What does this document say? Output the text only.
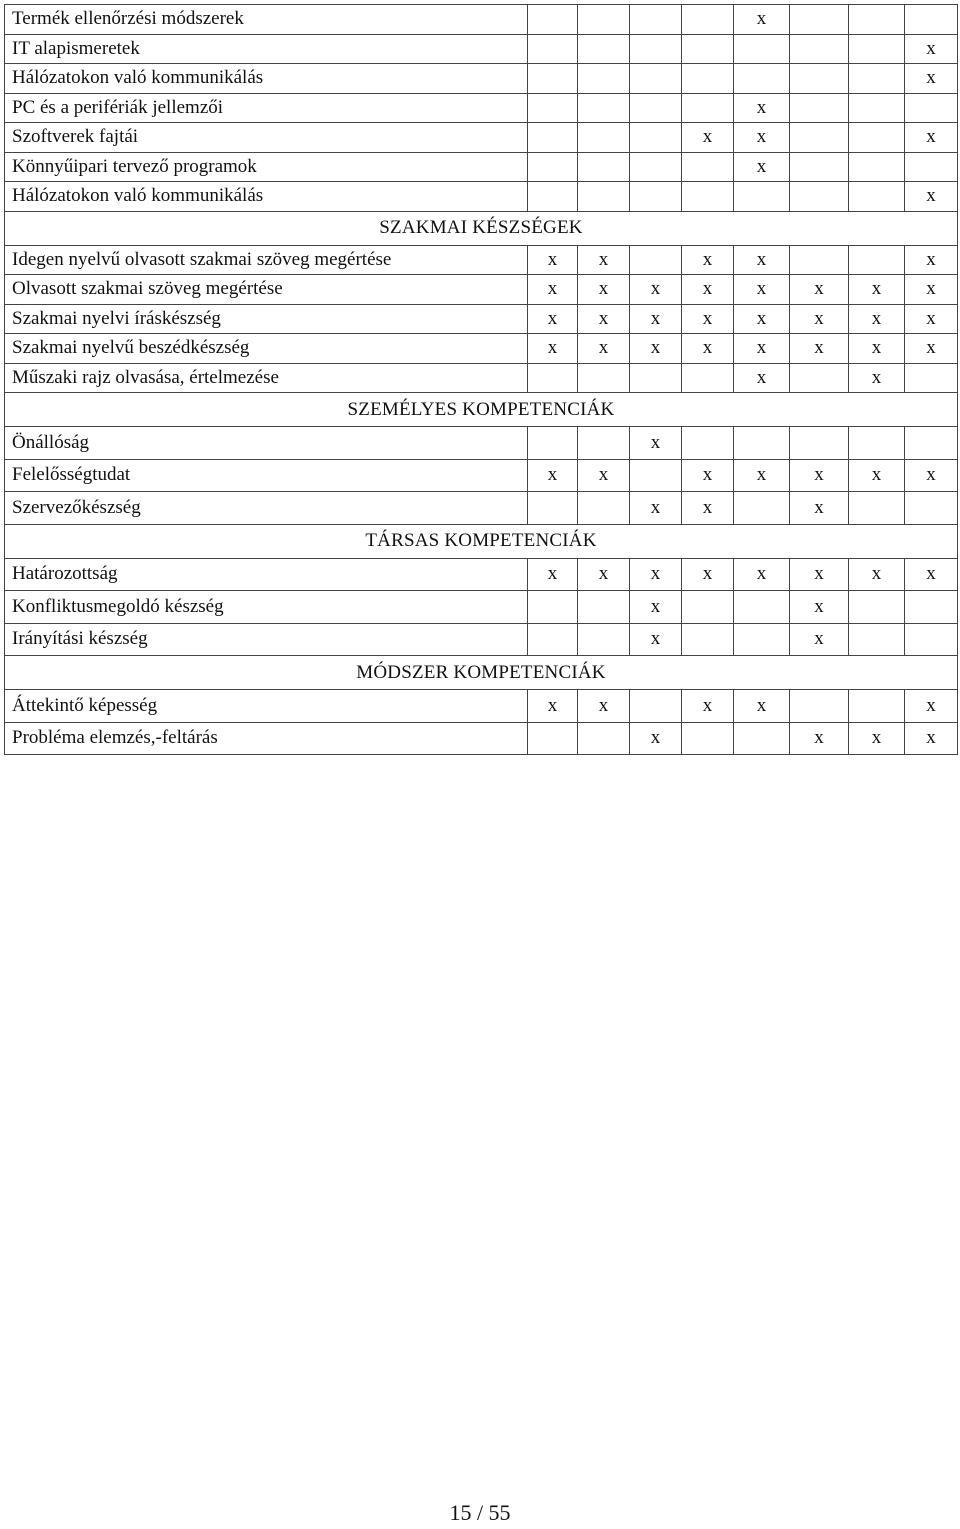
Termék ellenőrzési módszerek					x			
IT alapismeretek								x
Hálózatokon való kommunikálás								x
PC és a perifériák jellemzői					x			
Szoftverek fajtái				x	x			x
Könnyűipari tervező programok					x			
Hálózatokon való kommunikálás								x
SZAKMAI KÉSZSÉGEK								
Idegen nyelvű olvasott szakmai szöveg megértése	x	x		x	x			x
Olvasott szakmai szöveg megértése	x	x	x	x	x	x	x	x
Szakmai nyelvi íráskészség	x	x	x	x	x	x	x	x
Szakmai nyelvű beszédkészség	x	x	x	x	x	x	x	x
Műszaki rajz olvasása, értelmezése					x		x	
SZEMÉLYES KOMPETENCIÁK								
Önállóság			x					
Felelősségtudat	x	x		x	x	x	x	x
Szervezőkészség			x	x		x		
TÁRSAS KOMPETENCIÁK								
Határozottság	x	x	x	x	x	x	x	x
Konfliktusmegoldó készség			x			x		
Irányítási készség			x			x		
MÓDSZER KOMPETENCIÁK								
Áttekintő képesség	x	x		x	x			x
Probléma elemzés,-feltárás			x			x	x	x
15 / 55
